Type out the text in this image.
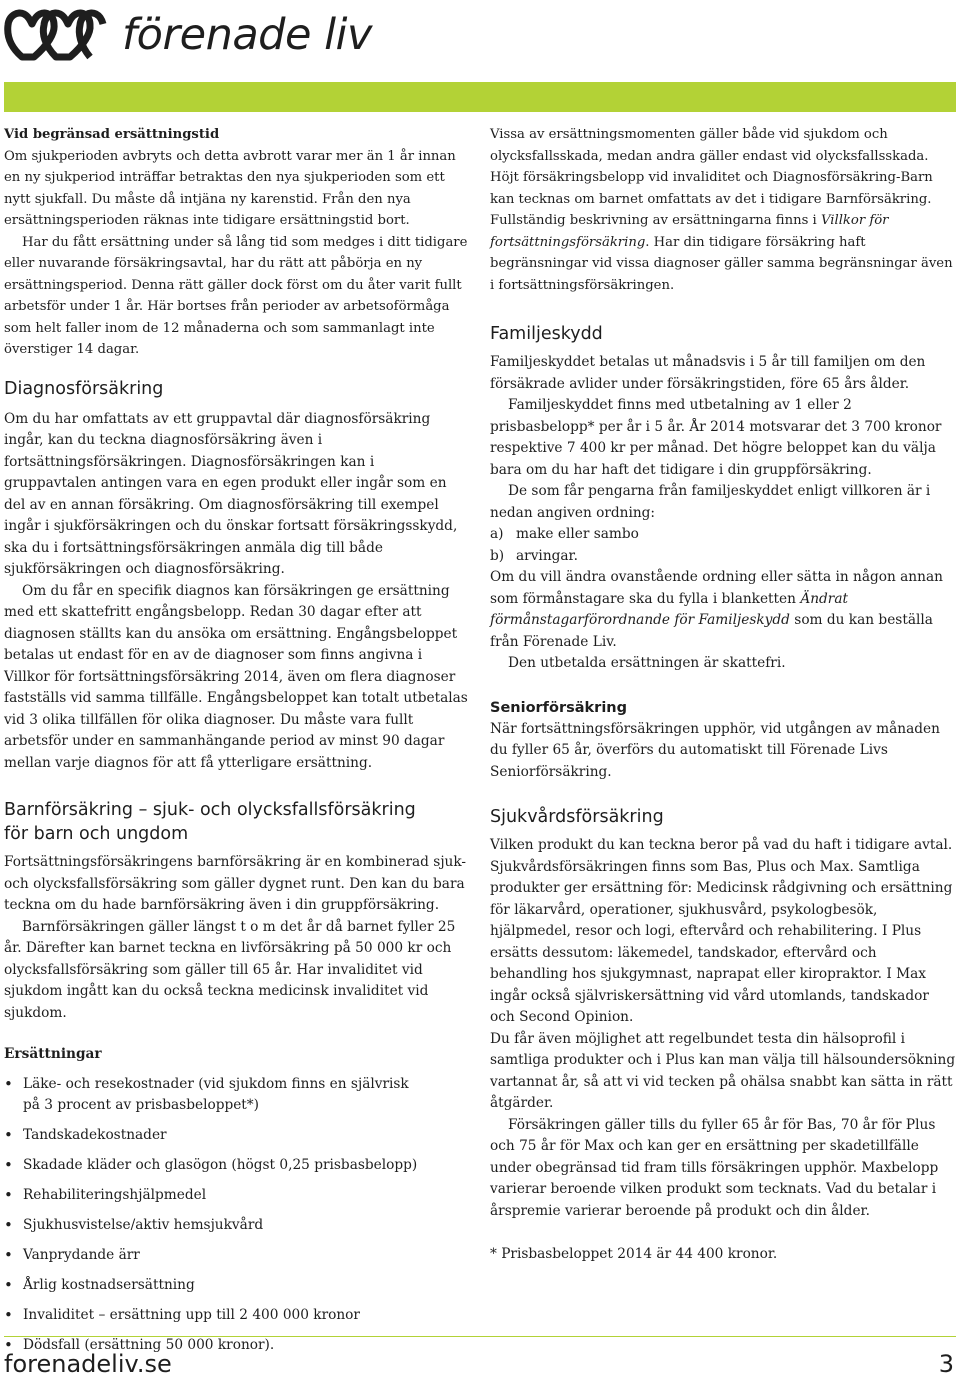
förenade liv

Vid begränsad ersättningstid

Om sjukperioden avbryts och detta avbrott varar mer än 1 år innan en ny sjukperiod inträffar betraktas den nya sjukperioden som ett nytt sjukfall. Du måste då intjäna ny karenstid. Från den nya ersättningsperioden räknas inte tidigare ersättningstid bort.

Har du fått ersättning under så lång tid som medges i ditt tidigare eller nuvarande försäkringsavtal, har du rätt att påbörja en ny ersättningsperiod. Denna rätt gäller dock först om du åter varit fullt arbetsför under 1 år. Här bortses från perioder av arbetsoförmåga som helt faller inom de 12 månaderna och som sammanlagt inte överstiger 14 dagar.

Diagnosförsäkring

Om du har omfattats av ett gruppavtal där diagnosförsäkring ingår, kan du teckna diagnosförsäkring även i fortsättningsförsäkringen. Diagnosförsäkringen kan i gruppavtalen antingen vara en egen produkt eller ingår som en del av en annan försäkring. Om diagnosförsäkring till exempel ingår i sjukförsäkringen och du önskar fortsatt försäkringsskydd, ska du i fortsättningsförsäkringen anmäla dig till både sjukförsäkringen och diagnosförsäkring.

Om du får en specifik diagnos kan försäkringen ge ersättning med ett skattefritt engångsbelopp. Redan 30 dagar efter att diagnosen ställts kan du ansöka om ersättning. Engångsbeloppet betalas ut endast för en av de diagnoser som finns angivna i Villkor för fortsättningsförsäkring 2014, även om flera diagnoser fastställs vid samma tillfälle. Engångsbeloppet kan totalt utbetalas vid 3 olika tillfällen för olika diagnoser. Du måste vara fullt arbetsför under en sammanhängande period av minst 90 dagar mellan varje diagnos för att få ytterligare ersättning.

Barnförsäkring – sjuk- och olycksfallsförsäkring

för barn och ungdom

Fortsättningsförsäkringens barnförsäkring är en kombinerad sjuk- och olycksfallsförsäkring som gäller dygnet runt. Den kan du bara teckna om du hade barnförsäkring även i din gruppförsäkring.

Barnförsäkringen gäller längst t o m det år då barnet fyller 25 år. Därefter kan barnet teckna en livförsäkring på 50 000 kr och olycksfallsförsäkring som gäller till 65 år. Har invaliditet vid sjukdom ingått kan du också teckna medicinsk invaliditet vid sjukdom.

Ersättningar

• Läke- och resekostnader (vid sjukdom finns en självrisk
på 3 procent av prisbasbeloppet*)
• Tandskadekostnader
• Skadade kläder och glasögon (högst 0,25 prisbasbelopp)
• Rehabiliteringshjälpmedel
• Sjukhusvistelse/aktiv hemsjukvård
• Vanprydande ärr
• Årlig kostnadsersättning
• Invaliditet – ersättning upp till 2 400 000 kronor
• Dödsfall (ersättning 50 000 kronor).

Vissa av ersättningsmomenten gäller både vid sjukdom och olycksfallsskada, medan andra gäller endast vid olycksfallsskada. Höjt försäkringsbelopp vid invaliditet och Diagnosförsäkring-Barn kan tecknas om barnet omfattats av det i tidigare Barnförsäkring. Fullständig beskrivning av ersättningarna finns i Villkor för fortsättningsförsäkring. Har din tidigare försäkring haft begränsningar vid vissa diagnoser gäller samma begränsningar även i fortsättningsförsäkringen.

Familjeskydd

Familjeskyddet betalas ut månadsvis i 5 år till familjen om den försäkrade avlider under försäkringstiden, före 65 års ålder.

Familjeskyddet finns med utbetalning av 1 eller 2 prisbasbelopp* per år i 5 år. År 2014 motsvarar det 3 700 kronor respektive 7 400 kr per månad. Det högre beloppet kan du välja bara om du har haft det tidigare i din gruppförsäkring.

De som får pengarna från familjeskyddet enligt villkoren är i nedan angiven ordning:

a) make eller sambo
b) arvingar.

Om du vill ändra ovanstående ordning eller sätta in någon annan som förmånstagare ska du fylla i blanketten Ändrat förmånstagarförordnande för Familjeskydd som du kan beställa från Förenade Liv.

Den utbetalda ersättningen är skattefri.

Seniorförsäkring

När fortsättningsförsäkringen upphör, vid utgången av månaden du fyller 65 år, överförs du automatiskt till Förenade Livs Seniorförsäkring.

Sjukvårdsförsäkring

Vilken produkt du kan teckna beror på vad du haft i tidigare avtal. Sjukvårdsförsäkringen finns som Bas, Plus och Max. Samtliga produkter ger ersättning för: Medicinsk rådgivning och ersättning för läkarvård, operationer, sjukhusvård, psykologbesök, hjälpmedel, resor och logi, eftervård och rehabilitering. I Plus ersätts dessutom: läkemedel, tandskador, eftervård och behandling hos sjukgymnast, naprapat eller kiropraktor. I Max ingår också självriskersättning vid vård utomlands, tandskador och Second Opinion.

Du får även möjlighet att regelbundet testa din hälsoprofil i samtliga produkter och i Plus kan man välja till hälsoundersökning vartannat år, så att vi vid tecken på ohälsa snabbt kan sätta in rätt åtgärder.

Försäkringen gäller tills du fyller 65 år för Bas, 70 år för Plus och 75 år för Max och kan ger en ersättning per skadetillfälle under obegränsad tid fram tills försäkringen upphör. Maxbelopp varierar beroende vilken produkt som tecknats. Vad du betalar i årspremie varierar beroende på produkt och din ålder.

* Prisbasbeloppet 2014 är 44 400 kronor.

forenadeliv.se	3
